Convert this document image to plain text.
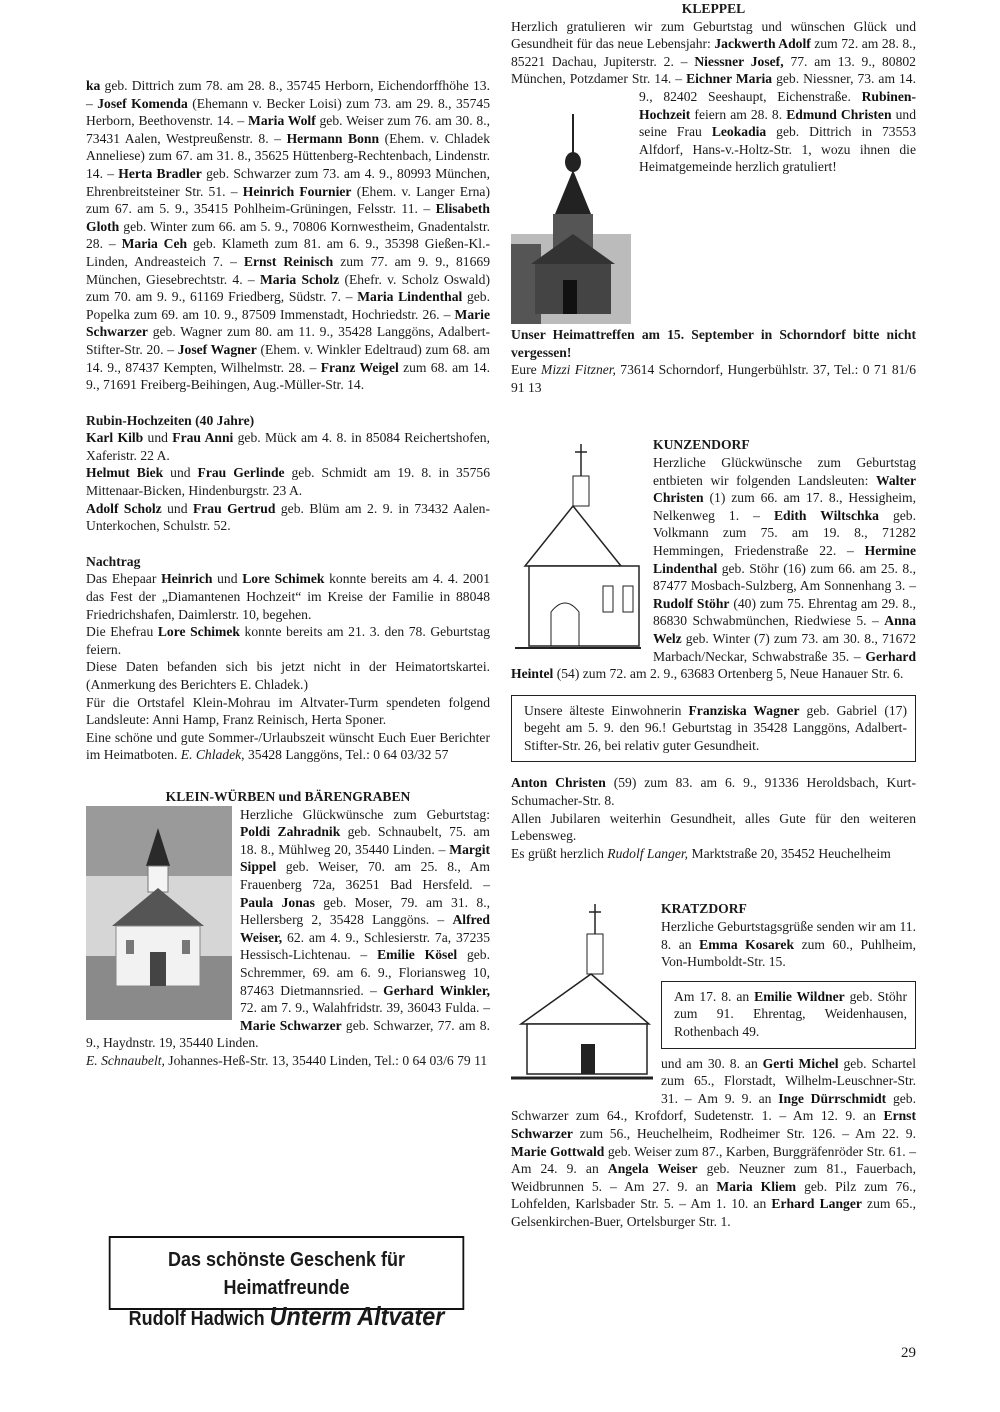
ka geb. Dittrich zum 78. am 28. 8., 35745 Herborn, Eichendorffhöhe 13. – Josef Komenda (Ehemann v. Becker Loisi) zum 73. am 29. 8., 35745 Herborn, Beethovenstr. 14. – Maria Wolf geb. Weiser zum 76. am 30. 8., 73431 Aalen, Westpreußenstr. 8. – Hermann Bonn (Ehem. v. Chladek Anneliese) zum 67. am 31. 8., 35625 Hüttenberg-Rechtenbach, Lindenstr. 14. – Herta Bradler geb. Schwarzer zum 73. am 4. 9., 80993 München, Ehrenbreitsteiner Str. 51. – Heinrich Fournier (Ehem. v. Langer Erna) zum 67. am 5. 9., 35415 Pohlheim-Grüningen, Felsstr. 11. – Elisabeth Gloth geb. Winter zum 66. am 5. 9., 70806 Kornwestheim, Gnadentalstr. 28. – Maria Ceh geb. Klameth zum 81. am 6. 9., 35398 Gießen-Kl.-Linden, Andreasteich 7. – Ernst Reinisch zum 77. am 9. 9., 81669 München, Giesebrechtstr. 4. – Maria Scholz (Ehefr. v. Scholz Oswald) zum 70. am 9. 9., 61169 Friedberg, Südstr. 7. – Maria Lindenthal geb. Popelka zum 69. am 10. 9., 87509 Immenstadt, Hochriedstr. 26. – Marie Schwarzer geb. Wagner zum 80. am 11. 9., 35428 Langgöns, Adalbert-Stifter-Str. 20. – Josef Wagner (Ehem. v. Winkler Edeltraud) zum 68. am 14. 9., 87437 Kempten, Wilhelmstr. 28. – Franz Weigel zum 68. am 14. 9., 71691 Freiberg-Beihingen, Aug.-Müller-Str. 14.

Rubin-Hochzeiten (40 Jahre)

Karl Kilb und Frau Anni geb. Mück am 4. 8. in 85084 Reichertshofen, Xaferistr. 22 A.

Helmut Biek und Frau Gerlinde geb. Schmidt am 19. 8. in 35756 Mittenaar-Bicken, Hindenburgstr. 23 A.

Adolf Scholz und Frau Gertrud geb. Blüm am 2. 9. in 73432 Aalen-Unterkochen, Schulstr. 52.

Nachtrag

Das Ehepaar Heinrich und Lore Schimek konnte bereits am 4. 4. 2001 das Fest der „Diamantenen Hochzeit“ im Kreise der Familie in 88048 Friedrichshafen, Daimlerstr. 10, begehen.

Die Ehefrau Lore Schimek konnte bereits am 21. 3. den 78. Geburtstag feiern.

Diese Daten befanden sich bis jetzt nicht in der Heimatortskartei. (Anmerkung des Berichters E. Chladek.)

Für die Ortstafel Klein-Mohrau im Altvater-Turm spendeten folgend Landsleute: Anni Hamp, Franz Reinisch, Herta Sponer.

Eine schöne und gute Sommer-/Urlaubszeit wünscht Euch Euer Berichter im Heimatboten. E. Chladek, 35428 Langgöns, Tel.: 0 64 03/32 57

KLEIN-WÜRBEN und BÄRENGRABEN

Herzliche Glückwünsche zum Geburtstag: Poldi Zahradnik geb. Schnaubelt, 75. am 18. 8., Mühlweg 20, 35440 Linden. – Margit Sippel geb. Weiser, 70. am 25. 8., Am Frauenberg 72a, 36251 Bad Hersfeld. – Paula Jonas geb. Moser, 79. am 31. 8., Hellersberg 2, 35428 Langgöns. – Alfred Weiser, 62. am 4. 9., Schlesierstr. 7a, 37235 Hessisch-Lichtenau. – Emilie Kösel geb. Schremmer, 69. am 6. 9., Floriansweg 10, 87463 Dietmannsried. – Gerhard Winkler, 72. am 7. 9., Walahfridstr. 39, 36043 Fulda. – Marie Schwarzer geb. Schwarzer, 77. am 8. 9., Haydnstr. 19, 35440 Linden.

E. Schnaubelt, Johannes-Heß-Str. 13, 35440 Linden, Tel.: 0 64 03/6 79 11

Das schönste Geschenk für Heimatfreunde
Rudolf Hadwich Unterm Altvater

KLEPPEL

Herzlich gratulieren wir zum Geburtstag und wünschen Glück und Gesundheit für das neue Lebensjahr: Jackwerth Adolf zum 72. am 28. 8., 85221 Dachau, Jupiterstr. 2. – Niessner Josef, 77. am 13. 9., 80802 München, Potzdamer Str. 14. – Eichner Maria geb. Niessner, 73. am 14. 9., 82402 Seeshaupt, Eichenstraße. Rubinen-Hochzeit feiern am 28. 8. Edmund Christen und seine Frau Leokadia geb. Dittrich in 73553 Alfdorf, Hans-v.-Holtz-Str. 1, wozu ihnen die Heimatgemeinde herzlich gratuliert!

Unser Heimattreffen am 15. September in Schorndorf bitte nicht vergessen!

Eure Mizzi Fitzner, 73614 Schorndorf, Hungerbühlstr. 37, Tel.: 0 71 81/6 91 13

KUNZENDORF

Herzliche Glückwünsche zum Geburtstag entbieten wir folgenden Landsleuten: Walter Christen (1) zum 66. am 17. 8., Hessigheim, Nelkenweg 1. – Edith Wiltschka geb. Volkmann zum 75. am 19. 8., 71282 Hemmingen, Friedenstraße 22. – Hermine Lindenthal geb. Stöhr (16) zum 66. am 25. 8., 87477 Mosbach-Sulzberg, Am Sonnenhang 3. – Rudolf Stöhr (40) zum 75. Ehrentag am 29. 8., 86830 Schwabmünchen, Riedwiese 5. – Anna Welz geb. Winter (7) zum 73. am 30. 8., 71672 Marbach/Neckar, Schwabstraße 35. – Gerhard Heintel (54) zum 72. am 2. 9., 63683 Ortenberg 5, Neue Hanauer Str. 6.

Unsere älteste Einwohnerin Franziska Wagner geb. Gabriel (17) begeht am 5. 9. den 96.! Geburtstag in 35428 Langgöns, Adalbert-Stifter-Str. 26, bei relativ guter Gesundheit.

Anton Christen (59) zum 83. am 6. 9., 91336 Heroldsbach, Kurt-Schumacher-Str. 8.

Allen Jubilaren weiterhin Gesundheit, alles Gute für den weiteren Lebensweg.

Es grüßt herzlich Rudolf Langer, Marktstraße 20, 35452 Heuchelheim

KRATZDORF

Herzliche Geburtstagsgrüße senden wir am 11. 8. an Emma Kosarek zum 60., Puhlheim, Von-Humboldt-Str. 15.

Am 17. 8. an Emilie Wildner geb. Stöhr zum 91. Ehrentag, Weidenhausen, Rothenbach 49.

und am 30. 8. an Gerti Michel geb. Schartel zum 65., Florstadt, Wilhelm-Leuschner-Str. 31. – Am 9. 9. an Inge Dürrschmidt geb. Schwarzer zum 64., Krofdorf, Sudetenstr. 1. – Am 12. 9. an Ernst Schwarzer zum 56., Heuchelheim, Rodheimer Str. 126. – Am 22. 9. Marie Gottwald geb. Weiser zum 87., Karben, Burggräfenröder Str. 61. – Am 24. 9. an Angela Weiser geb. Neuzner zum 81., Fauerbach, Weidbrunnen 5. – Am 27. 9. an Maria Kliem geb. Pilz zum 76., Lohfelden, Karlsbader Str. 5. – Am 1. 10. an Erhard Langer zum 65., Gelsenkirchen-Buer, Ortelsburger Str. 1.

29
